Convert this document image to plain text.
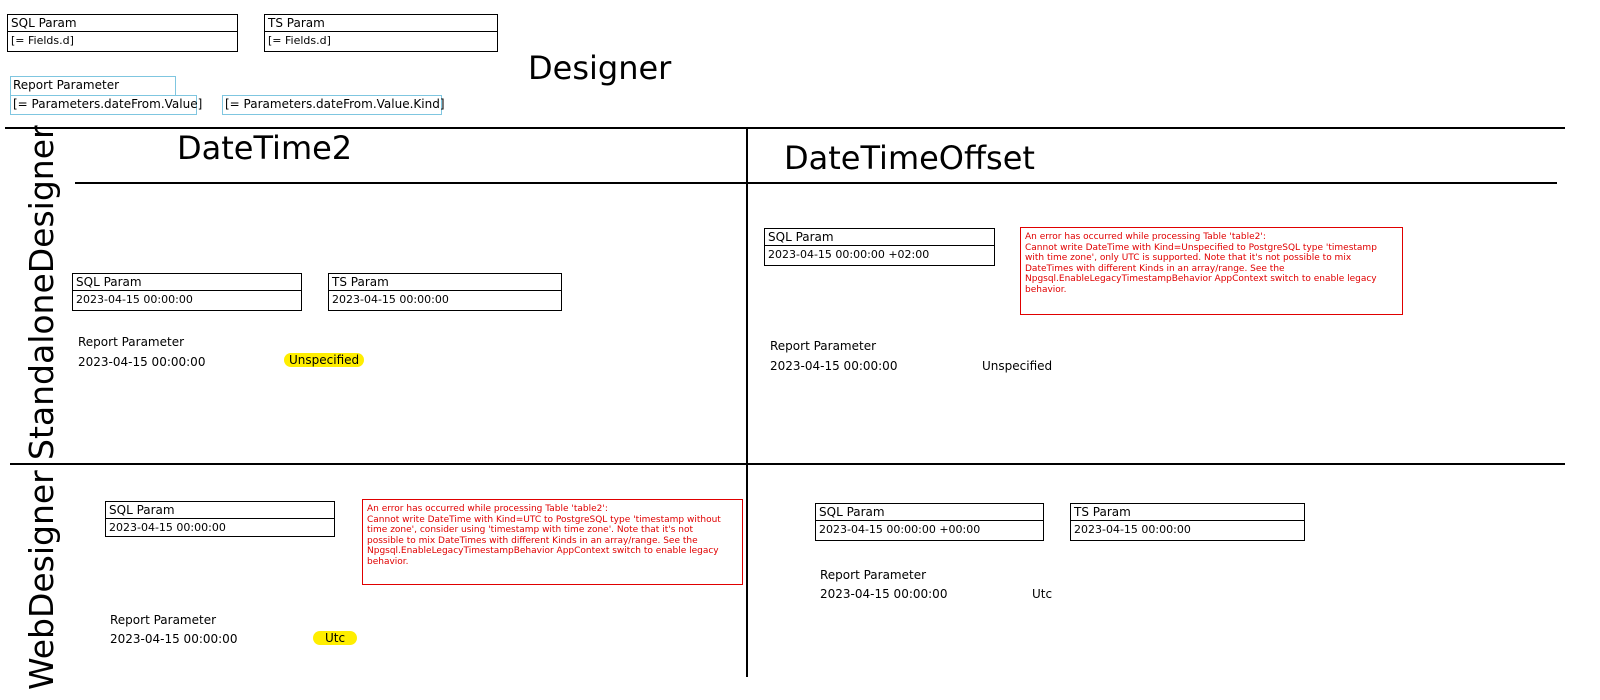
SQL Param
[= Fields.d]
TS Param
[= Fields.d]
Designer
Report Parameter
[= Parameters.dateFrom.Value] [= Parameters.dateFrom.Value.Kind]
DateTime2	DateTimeOffset
StandaloneDesigner
WebDesigner
SQL Param
2023-04-15 00:00:00
TS Param
2023-04-15 00:00:00
Report Parameter
2023-04-15 00:00:00	Unspecified
SQL Param
2023-04-15 00:00:00 +02:00
An error has occurred while processing Table 'table2':
Cannot write DateTime with Kind=Unspecified to PostgreSQL type 'timestamp
with time zone', only UTC is supported. Note that it's not possible to mix
DateTimes with different Kinds in an array/range. See the
Npgsql.EnableLegacyTimestampBehavior AppContext switch to enable legacy
behavior.
Report Parameter
2023-04-15 00:00:00	Unspecified
SQL Param
2023-04-15 00:00:00
An error has occurred while processing Table 'table2':
Cannot write DateTime with Kind=UTC to PostgreSQL type 'timestamp without
time zone', consider using 'timestamp with time zone'. Note that it's not
possible to mix DateTimes with different Kinds in an array/range. See the
Npgsql.EnableLegacyTimestampBehavior AppContext switch to enable legacy
behavior.
Report Parameter
2023-04-15 00:00:00	Utc
SQL Param
2023-04-15 00:00:00 +00:00
TS Param
2023-04-15 00:00:00
Report Parameter
2023-04-15 00:00:00	Utc
